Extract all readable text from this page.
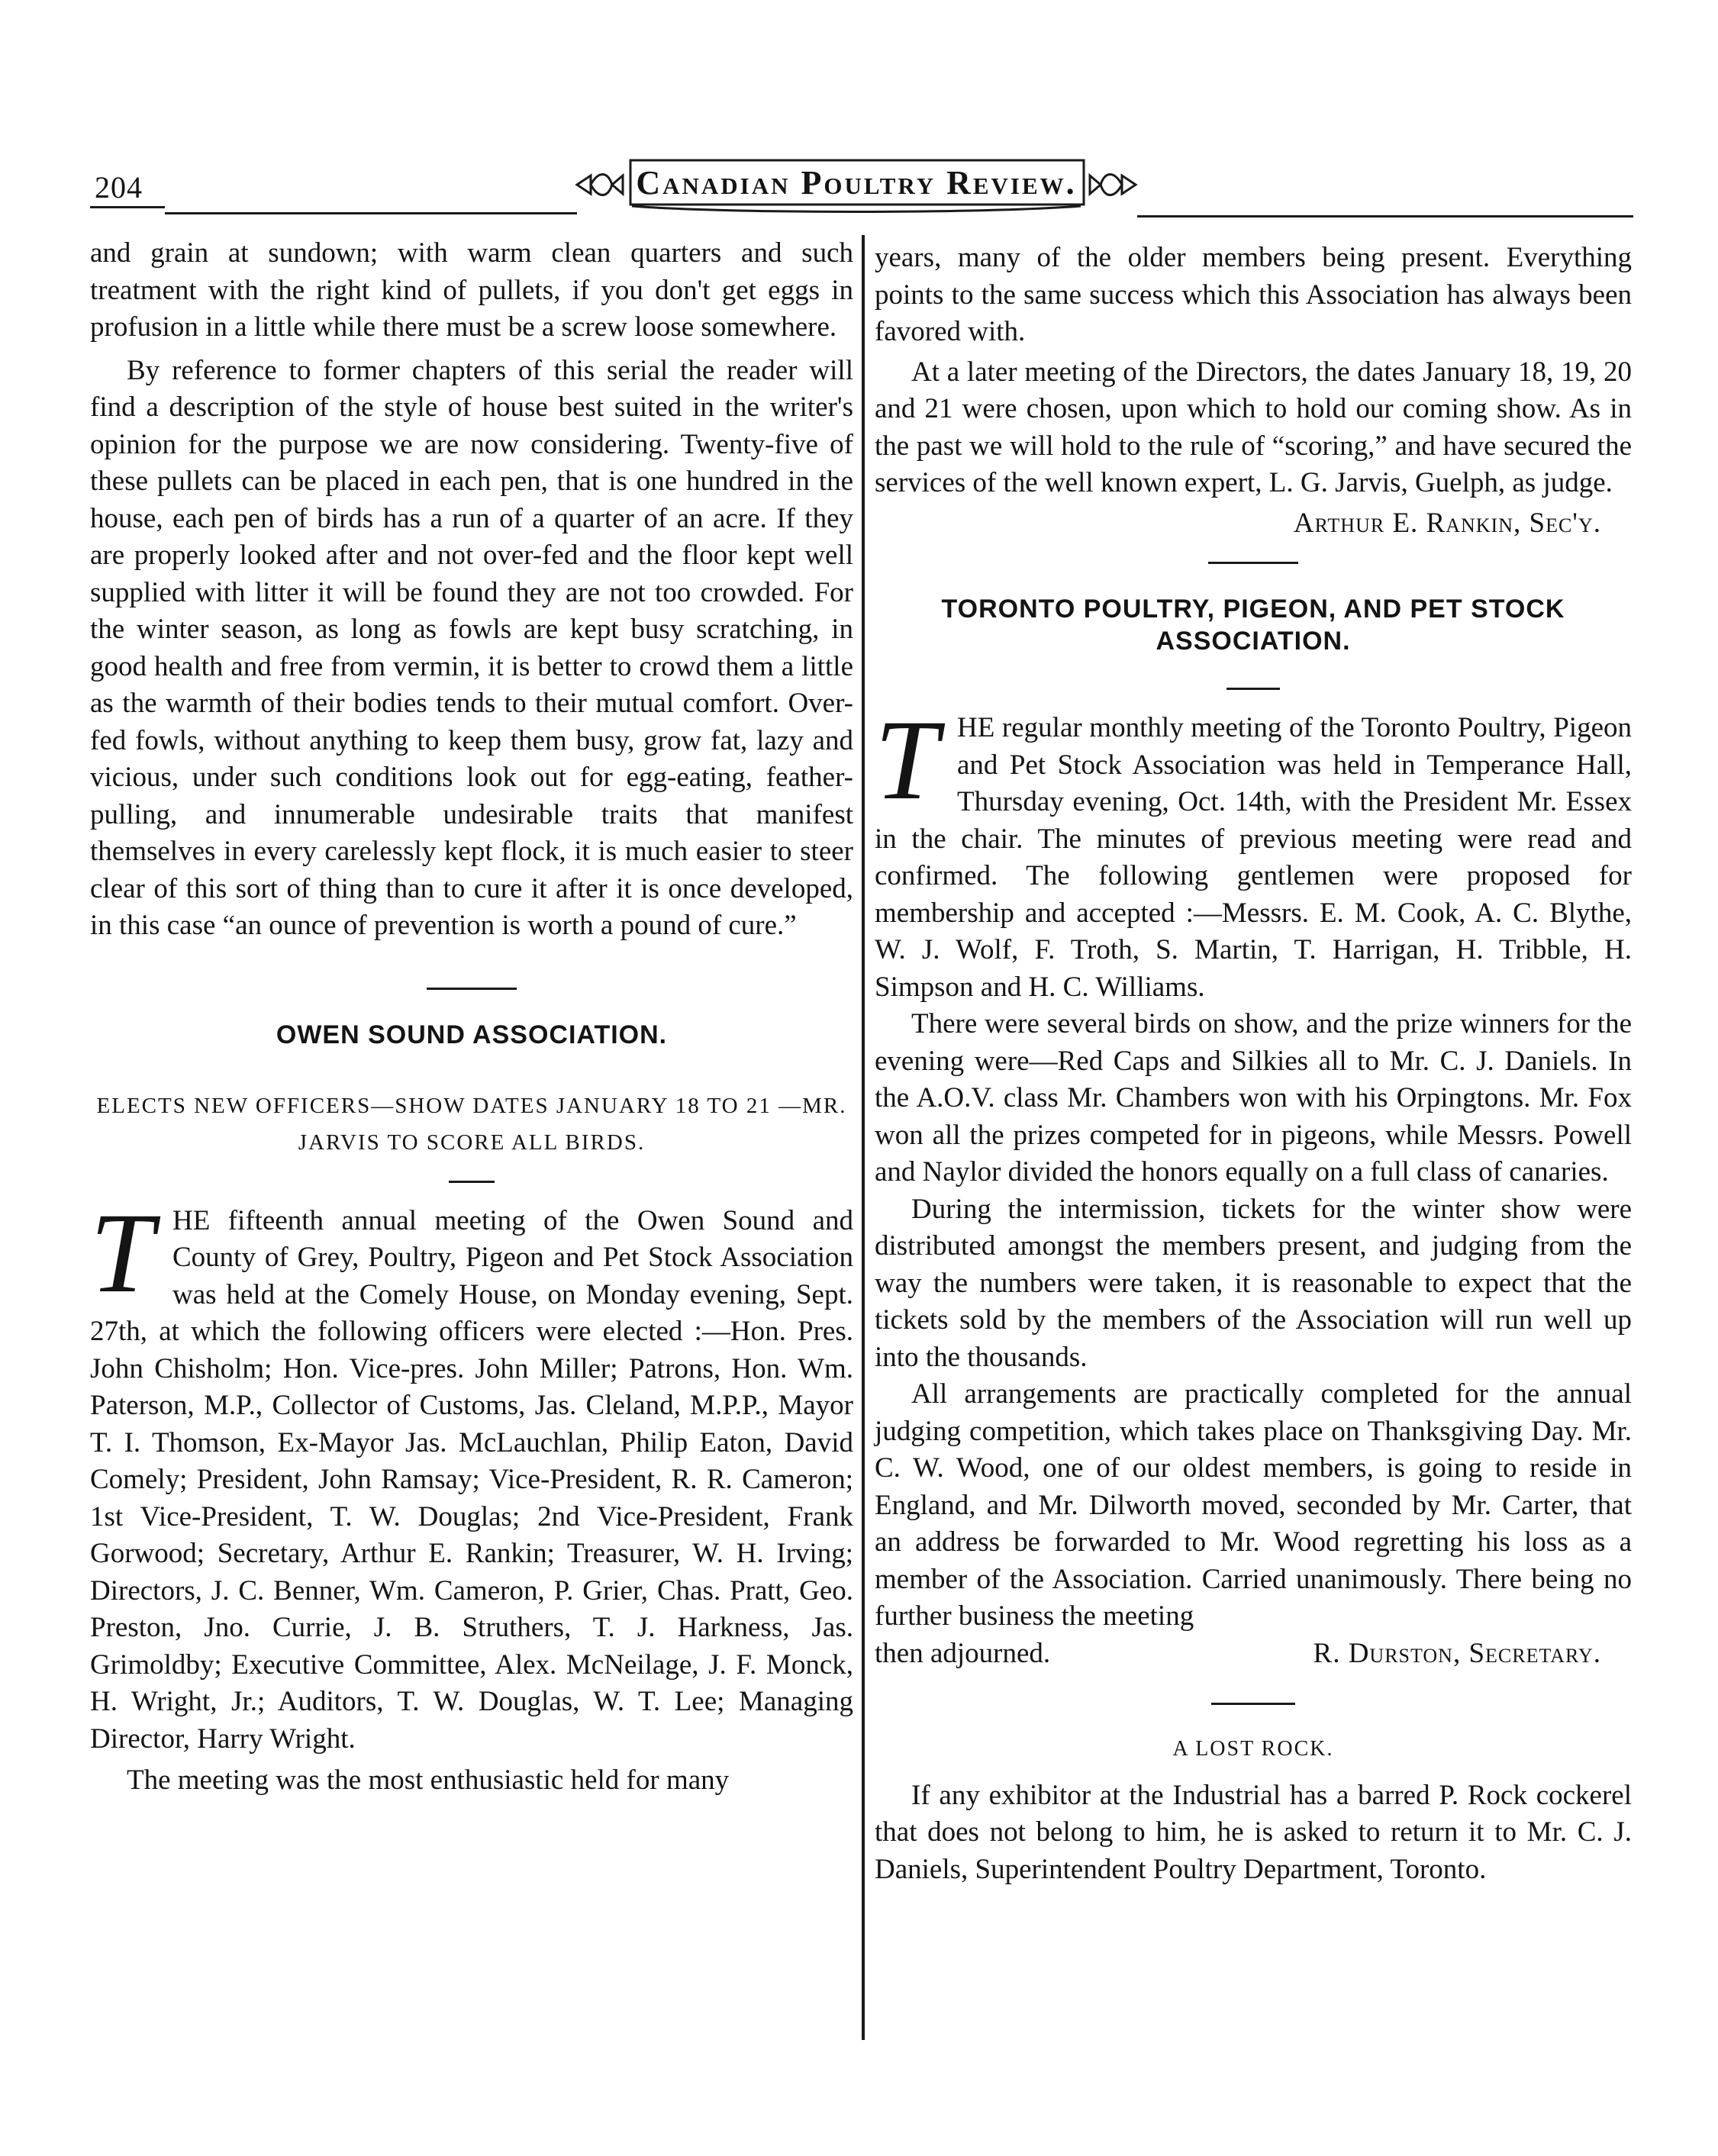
204	Canadian Poultry Review.

and grain at sundown; with warm clean quarters and such treatment with the right kind of pullets, if you don't get eggs in profusion in a little while there must be a screw loose somewhere.

By reference to former chapters of this serial the reader will find a description of the style of house best suited in the writer's opinion for the purpose we are now considering. Twenty-five of these pullets can be placed in each pen, that is one hundred in the house, each pen of birds has a run of a quarter of an acre. If they are properly looked after and not over-fed and the floor kept well supplied with litter it will be found they are not too crowded. For the winter season, as long as fowls are kept busy scratching, in good health and free from vermin, it is better to crowd them a little as the warmth of their bodies tends to their mutual comfort. Over-fed fowls, without anything to keep them busy, grow fat, lazy and vicious, under such conditions look out for egg-eating, feather-pulling, and innumerable undesirable traits that manifest themselves in every carelessly kept flock, it is much easier to steer clear of this sort of thing than to cure it after it is once developed, in this case “an ounce of prevention is worth a pound of cure.”

OWEN SOUND ASSOCIATION.
ELECTS NEW OFFICERS—SHOW DATES JANUARY 18 TO 21 —MR. JARVIS TO SCORE ALL BIRDS.
T HE fifteenth annual meeting of the Owen Sound and County of Grey, Poultry, Pigeon and Pet Stock Association was held at the Comely House, on Monday evening, Sept. 27th, at which the following officers were elected :—Hon. Pres. John Chisholm; Hon. Vice-pres. John Miller; Patrons, Hon. Wm. Paterson, M.P., Collector of Customs, Jas. Cleland, M.P.P., Mayor T. I. Thomson, Ex-Mayor Jas. McLauchlan, Philip Eaton, David Comely; President, John Ramsay; Vice-President, R. R. Cameron; 1st Vice-President, T. W. Douglas; 2nd Vice-President, Frank Gorwood; Secretary, Arthur E. Rankin; Treasurer, W. H. Irving; Directors, J. C. Benner, Wm. Cameron, P. Grier, Chas. Pratt, Geo. Preston, Jno. Currie, J. B. Struthers, T. J. Harkness, Jas. Grimoldby; Executive Committee, Alex. McNeilage, J. F. Monck, H. Wright, Jr.; Auditors, T. W. Douglas, W. T. Lee; Managing Director, Harry Wright.

The meeting was the most enthusiastic held for many

years, many of the older members being present. Everything points to the same success which this Association has always been favored with.

At a later meeting of the Directors, the dates January 18, 19, 20 and 21 were chosen, upon which to hold our coming show. As in the past we will hold to the rule of “scoring,” and have secured the services of the well known expert, L. G. Jarvis, Guelph, as judge.

Arthur E. Rankin, Sec'y.

TORONTO POULTRY, PIGEON, AND PET STOCK ASSOCIATION.
T HE regular monthly meeting of the Toronto Poultry, Pigeon and Pet Stock Association was held in Temperance Hall, Thursday evening, Oct. 14th, with the President Mr. Essex in the chair. The minutes of previous meeting were read and confirmed. The following gentlemen were proposed for membership and accepted :—Messrs. E. M. Cook, A. C. Blythe, W. J. Wolf, F. Troth, S. Martin, T. Harrigan, H. Tribble, H. Simpson and H. C. Williams.

There were several birds on show, and the prize winners for the evening were—Red Caps and Silkies all to Mr. C. J. Daniels. In the A.O.V. class Mr. Chambers won with his Orpingtons. Mr. Fox won all the prizes competed for in pigeons, while Messrs. Powell and Naylor divided the honors equally on a full class of canaries.

During the intermission, tickets for the winter show were distributed amongst the members present, and judging from the way the numbers were taken, it is reasonable to expect that the tickets sold by the members of the Association will run well up into the thousands.

All arrangements are practically completed for the annual judging competition, which takes place on Thanksgiving Day. Mr. C. W. Wood, one of our oldest members, is going to reside in England, and Mr. Dilworth moved, seconded by Mr. Carter, that an address be forwarded to Mr. Wood regretting his loss as a member of the Association. Carried unanimously. There being no further business the meeting

then adjourned.	R. Durston, Secretary.
A LOST ROCK.

If any exhibitor at the Industrial has a barred P. Rock cockerel that does not belong to him, he is asked to return it to Mr. C. J. Daniels, Superintendent Poultry Department, Toronto.
